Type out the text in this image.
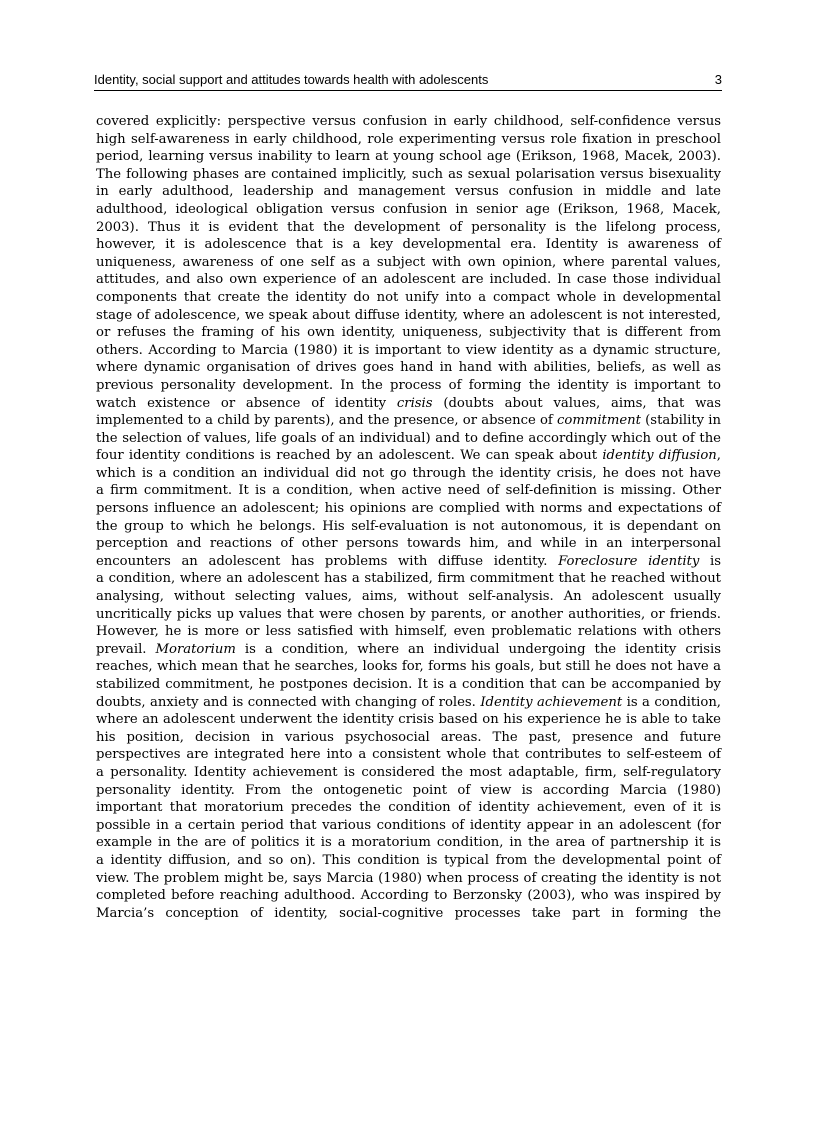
Identity, social support and attitudes towards health with adolescents	3
covered explicitly: perspective versus confusion in early childhood, self-confidence versus
high self-awareness in early childhood, role experimenting versus role fixation in preschool
period, learning versus inability to learn at young school age (Erikson, 1968, Macek, 2003).
The following phases are contained implicitly, such as sexual polarisation versus bisexuality
in early adulthood, leadership and management versus confusion in middle and late
adulthood, ideological obligation versus confusion in senior age (Erikson, 1968, Macek,
2003). Thus it is evident that the development of personality is the lifelong process,
however, it is adolescence that is a key developmental era. Identity is awareness of
uniqueness, awareness of one self as a subject with own opinion, where parental values,
attitudes, and also own experience of an adolescent are included. In case those individual
components that create the identity do not unify into a compact whole in developmental
stage of adolescence, we speak about diffuse identity, where an adolescent is not interested,
or refuses the framing of his own identity, uniqueness, subjectivity that is different from
others. According to Marcia (1980) it is important to view identity as a dynamic structure,
where dynamic organisation of drives goes hand in hand with abilities, beliefs, as well as
previous personality development. In the process of forming the identity is important to
watch existence or absence of identity crisis (doubts about values, aims, that was
implemented to a child by parents), and the presence, or absence of commitment (stability in
the selection of values, life goals of an individual) and to define accordingly which out of the
four identity conditions is reached by an adolescent. We can speak about identity diffusion,
which is a condition an individual did not go through the identity crisis, he does not have
a firm commitment. It is a condition, when active need of self-definition is missing. Other
persons influence an adolescent; his opinions are complied with norms and expectations of
the group to which he belongs. His self-evaluation is not autonomous, it is dependant on
perception and reactions of other persons towards him, and while in an interpersonal
encounters an adolescent has problems with diffuse identity. Foreclosure identity is
a condition, where an adolescent has a stabilized, firm commitment that he reached without
analysing, without selecting values, aims, without self-analysis. An adolescent usually
uncritically picks up values that were chosen by parents, or another authorities, or friends.
However, he is more or less satisfied with himself, even problematic relations with others
prevail. Moratorium is a condition, where an individual undergoing the identity crisis
reaches, which mean that he searches, looks for, forms his goals, but still he does not have a
stabilized commitment, he postpones decision. It is a condition that can be accompanied by
doubts, anxiety and is connected with changing of roles. Identity achievement is a condition,
where an adolescent underwent the identity crisis based on his experience he is able to take
his position, decision in various psychosocial areas. The past, presence and future
perspectives are integrated here into a consistent whole that contributes to self-esteem of
a personality. Identity achievement is considered the most adaptable, firm, self-regulatory
personality identity. From the ontogenetic point of view is according Marcia (1980)
important that moratorium precedes the condition of identity achievement, even of it is
possible in a certain period that various conditions of identity appear in an adolescent (for
example in the are of politics it is a moratorium condition, in the area of partnership it is
a identity diffusion, and so on). This condition is typical from the developmental point of
view. The problem might be, says Marcia (1980) when process of creating the identity is not
completed before reaching adulthood. According to Berzonsky (2003), who was inspired by
Marcia’s conception of identity, social-cognitive processes take part in forming the
